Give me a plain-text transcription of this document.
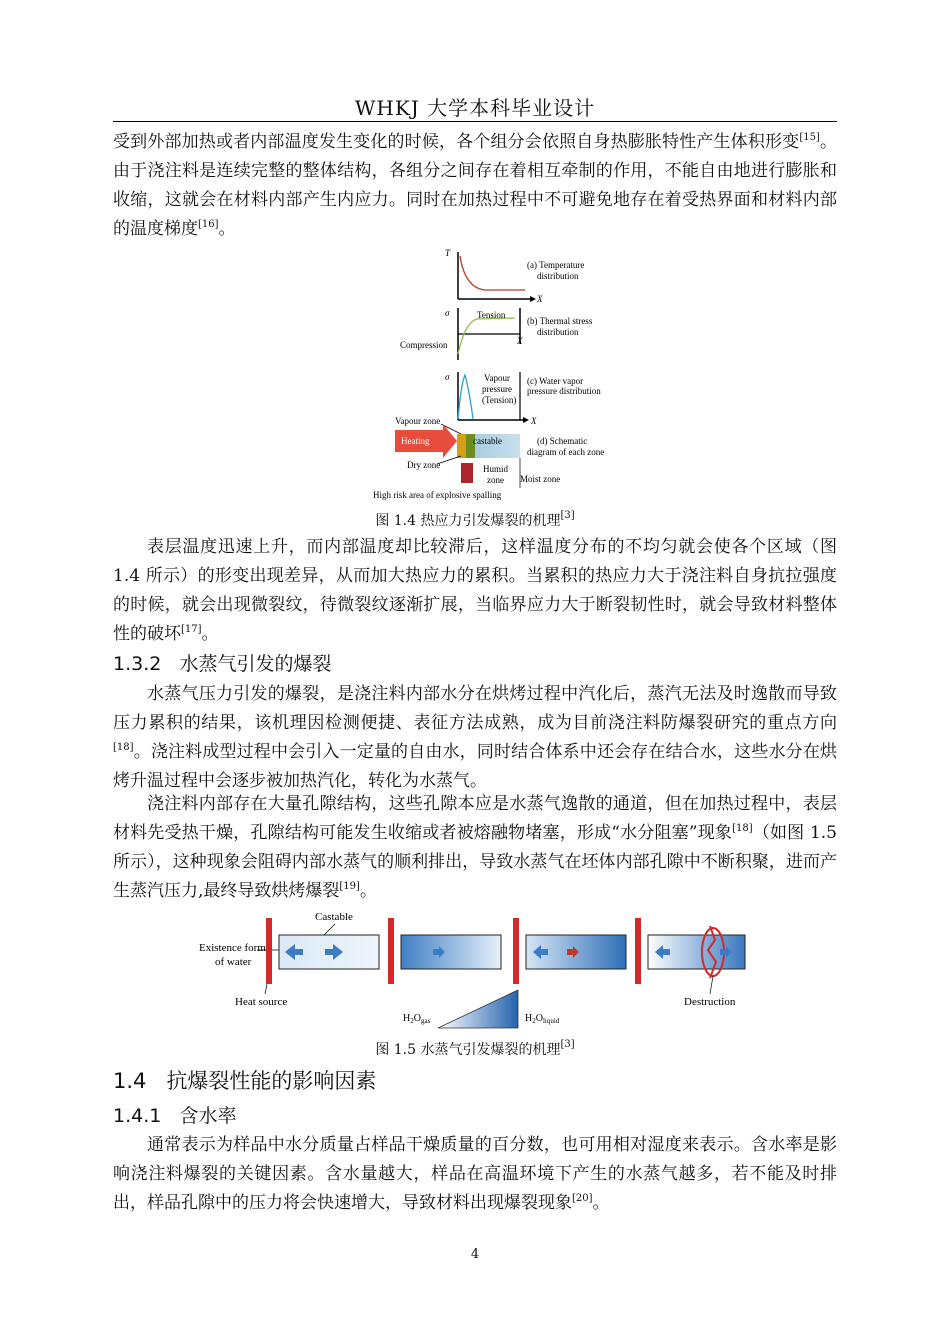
WHKJ 大学本科毕业设计

受到外部加热或者内部温度发生变化的时候，各个组分会依照自身热膨胀特性产生体积形变[15]。由于浇注料是连续完整的整体结构，各组分之间存在着相互牵制的作用，不能自由地进行膨胀和收缩，这就会在材料内部产生内应力。同时在加热过程中不可避免地存在着受热界面和材料内部的温度梯度[16]。

T
X
(a) Temperature
distribution
σ	Tension
Compression	X
(b) Thermal stress
distribution
σ	Vapour
pressure
(Tension)
X
(c) Water vapor
pressure distribution
Vapour zone
Heating	castable	(d) Schematic
diagram of each zone
Dry zone	Humid
zone Moist zone
High risk area of explosive spalling

图 1.4 热应力引发爆裂的机理[3]

表层温度迅速上升，而内部温度却比较滞后，这样温度分布的不均匀就会使各个区域（图 1.4 所示）的形变出现差异，从而加大热应力的累积。当累积的热应力大于浇注料自身抗拉强度的时候，就会出现微裂纹，待微裂纹逐渐扩展，当临界应力大于断裂韧性时，就会导致材料整体性的破坏[17]。

1.3.2 水蒸气引发的爆裂

水蒸气压力引发的爆裂，是浇注料内部水分在烘烤过程中汽化后，蒸汽无法及时逸散而导致压力累积的结果，该机理因检测便捷、表征方法成熟，成为目前浇注料防爆裂研究的重点方向[18]。浇注料成型过程中会引入一定量的自由水，同时结合体系中还会存在结合水，这些水分在烘烤升温过程中会逐步被加热汽化，转化为水蒸气。

浇注料内部存在大量孔隙结构，这些孔隙本应是水蒸气逸散的通道，但在加热过程中，表层材料先受热干燥，孔隙结构可能发生收缩或者被熔融物堵塞，形成“水分阻塞”现象[18]（如图 1.5 所示），这种现象会阻碍内部水蒸气的顺利排出，导致水蒸气在坯体内部孔隙中不断积聚，进而产生蒸汽压力,最终导致烘烤爆裂[19]。

Castable
Existence form
of water
Heat source	Destruction
$H_2O_{gas}$	$H_2O_{liquid}$

图 1.5 水蒸气引发爆裂的机理[3]

1.4 抗爆裂性能的影响因素
1.4.1 含水率

通常表示为样品中水分质量占样品干燥质量的百分数，也可用相对湿度来表示。含水率是影响浇注料爆裂的关键因素。含水量越大，样品在高温环境下产生的水蒸气越多，若不能及时排出，样品孔隙中的压力将会快速增大，导致材料出现爆裂现象[20]。

4
